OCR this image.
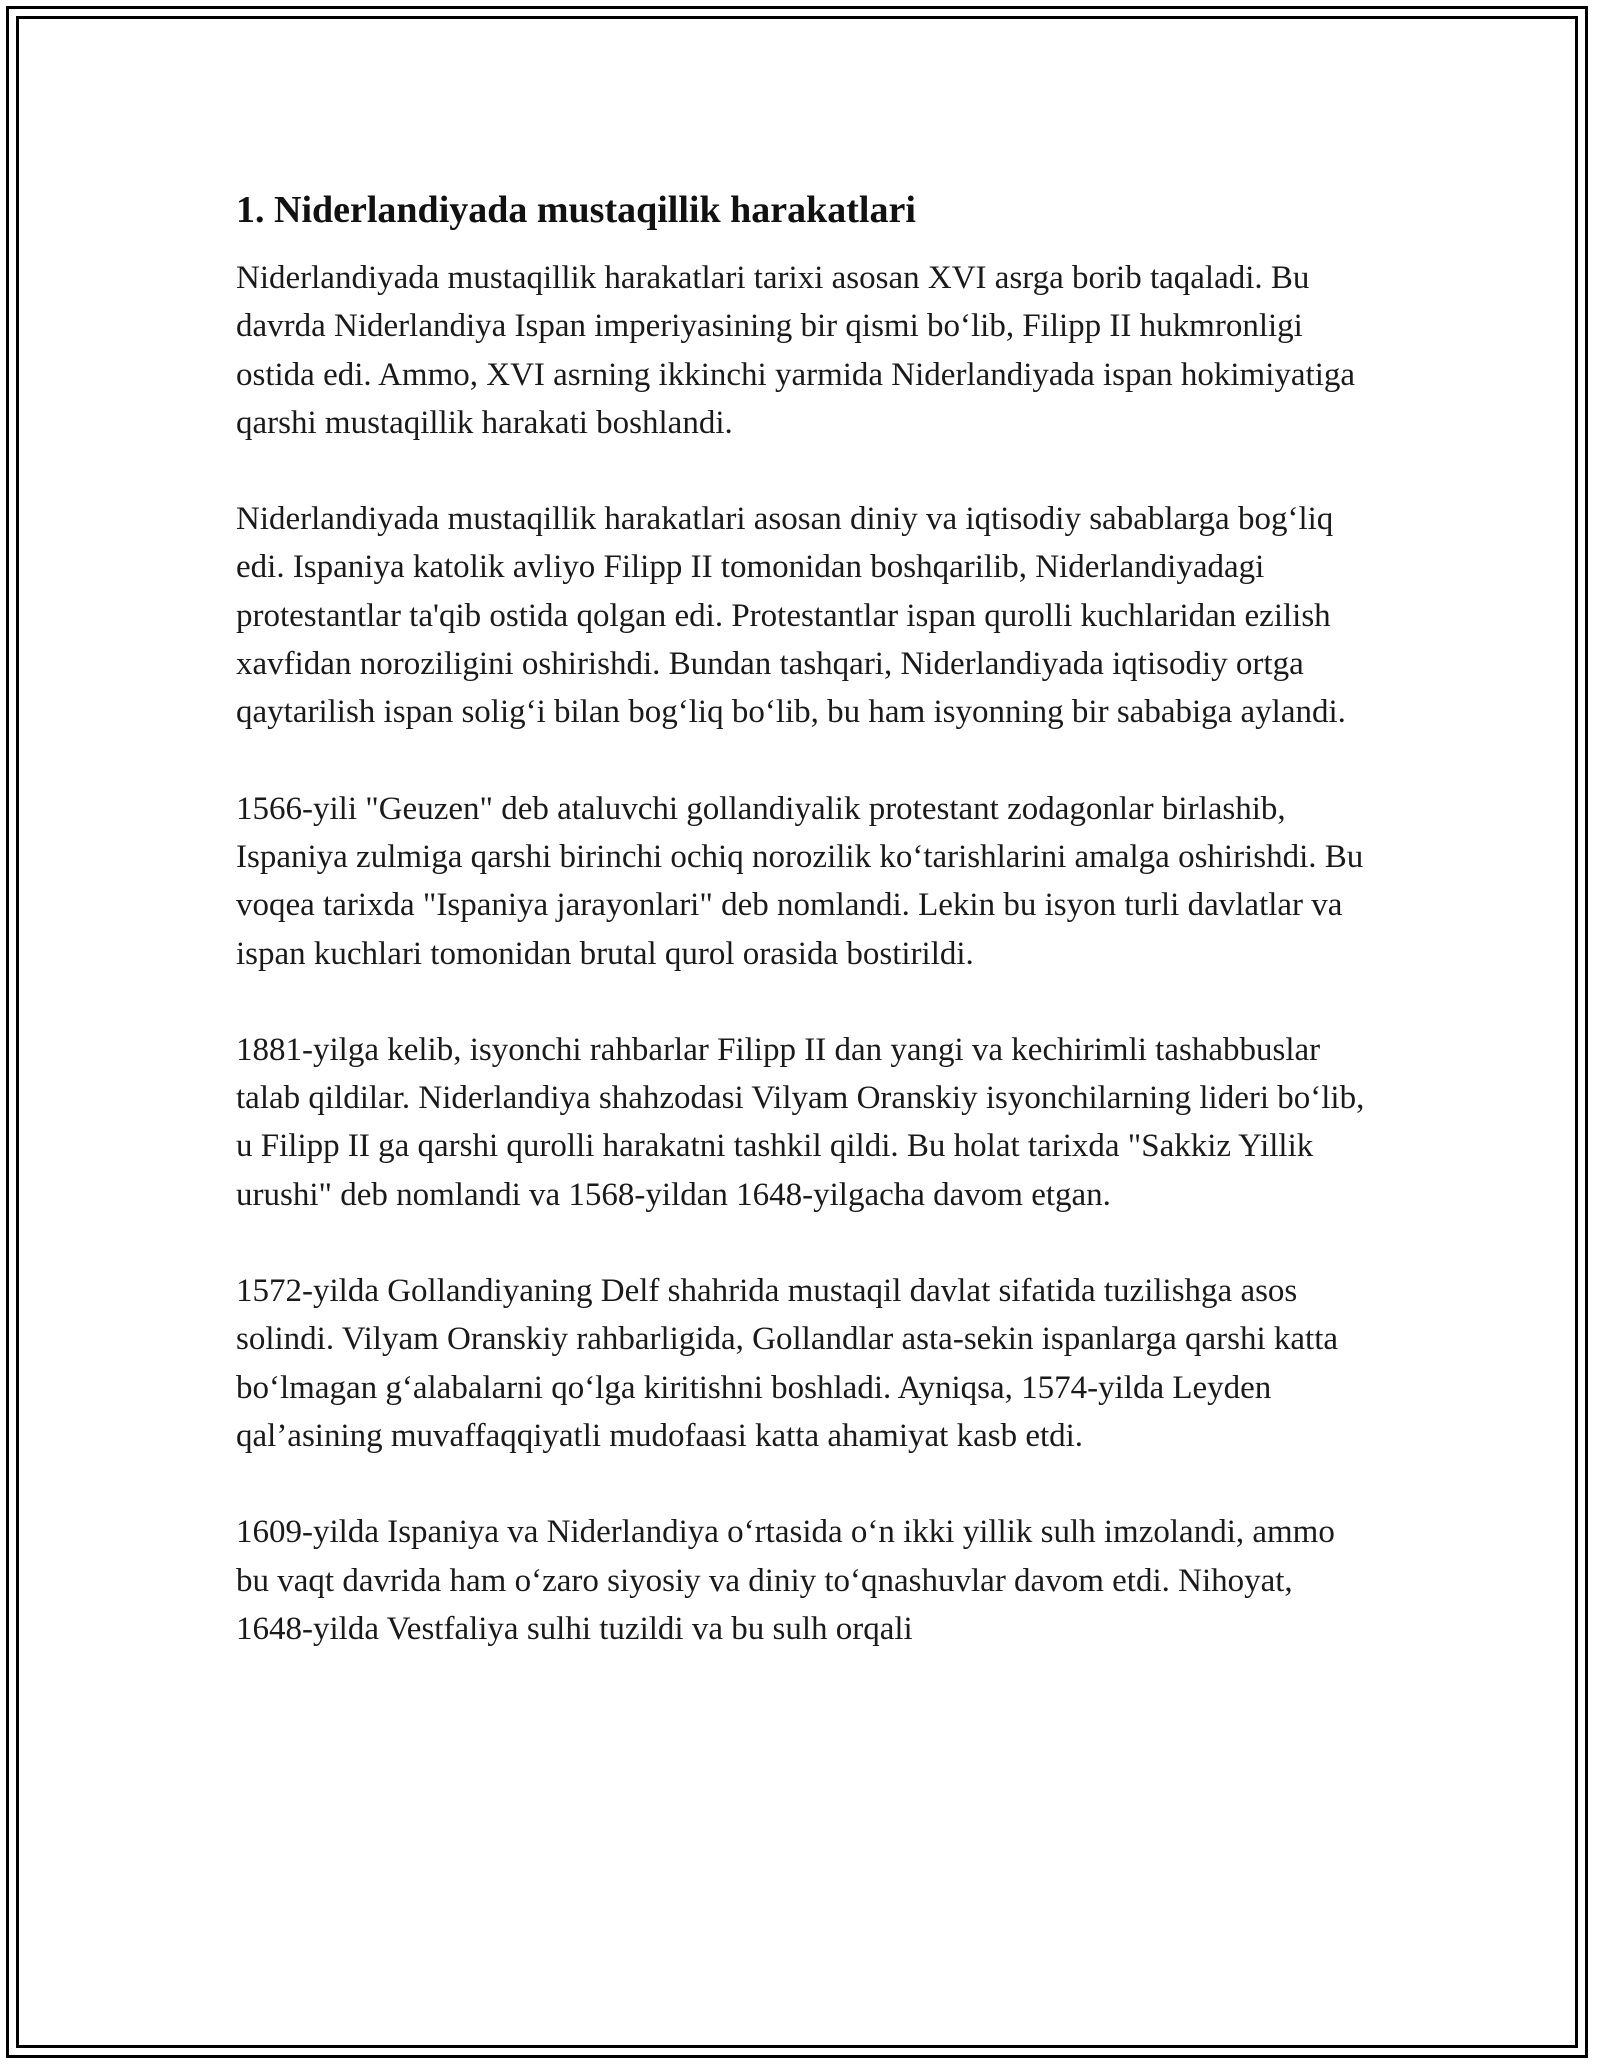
1. Niderlandiyada mustaqillik harakatlari

Niderlandiyada mustaqillik harakatlari tarixi asosan XVI asrga borib taqaladi. Bu davrda Niderlandiya Ispan imperiyasining bir qismi bo‘lib, Filipp II hukmronligi ostida edi. Ammo, XVI asrning ikkinchi yarmida Niderlandiyada ispan hokimiyatiga qarshi mustaqillik harakati boshlandi.

Niderlandiyada mustaqillik harakatlari asosan diniy va iqtisodiy sabablarga bog‘liq edi. Ispaniya katolik avliyo Filipp II tomonidan boshqarilib, Niderlandiyadagi protestantlar ta'qib ostida qolgan edi. Protestantlar ispan qurolli kuchlaridan ezilish xavfidan noroziligini oshirishdi. Bundan tashqari, Niderlandiyada iqtisodiy ortga qaytarilish ispan solig‘i bilan bog‘liq bo‘lib, bu ham isyonning bir sababiga aylandi.

1566-yili "Geuzen" deb ataluvchi gollandiyalik protestant zodagonlar birlashib, Ispaniya zulmiga qarshi birinchi ochiq norozilik ko‘tarishlarini amalga oshirishdi. Bu voqea tarixda "Ispaniya jarayonlari" deb nomlandi. Lekin bu isyon turli davlatlar va ispan kuchlari tomonidan brutal qurol orasida bostirildi.

1881-yilga kelib, isyonchi rahbarlar Filipp II dan yangi va kechirimli tashabbuslar talab qildilar. Niderlandiya shahzodasi Vilyam Oranskiy isyonchilarning lideri bo‘lib, u Filipp II ga qarshi qurolli harakatni tashkil qildi. Bu holat tarixda "Sakkiz Yillik urushi" deb nomlandi va 1568-yildan 1648-yilgacha davom etgan.

1572-yilda Gollandiyaning Delf shahrida mustaqil davlat sifatida tuzilishga asos solindi. Vilyam Oranskiy rahbarligida, Gollandlar asta-sekin ispanlarga qarshi katta bo‘lmagan g‘alabalarni qo‘lga kiritishni boshladi. Ayniqsa, 1574-yilda Leyden qal’asining muvaffaqqiyatli mudofaasi katta ahamiyat kasb etdi.

1609-yilda Ispaniya va Niderlandiya o‘rtasida o‘n ikki yillik sulh imzolandi, ammo bu vaqt davrida ham o‘zaro siyosiy va diniy to‘qnashuvlar davom etdi. Nihoyat, 1648-yilda Vestfaliya sulhi tuzildi va bu sulh orqali
